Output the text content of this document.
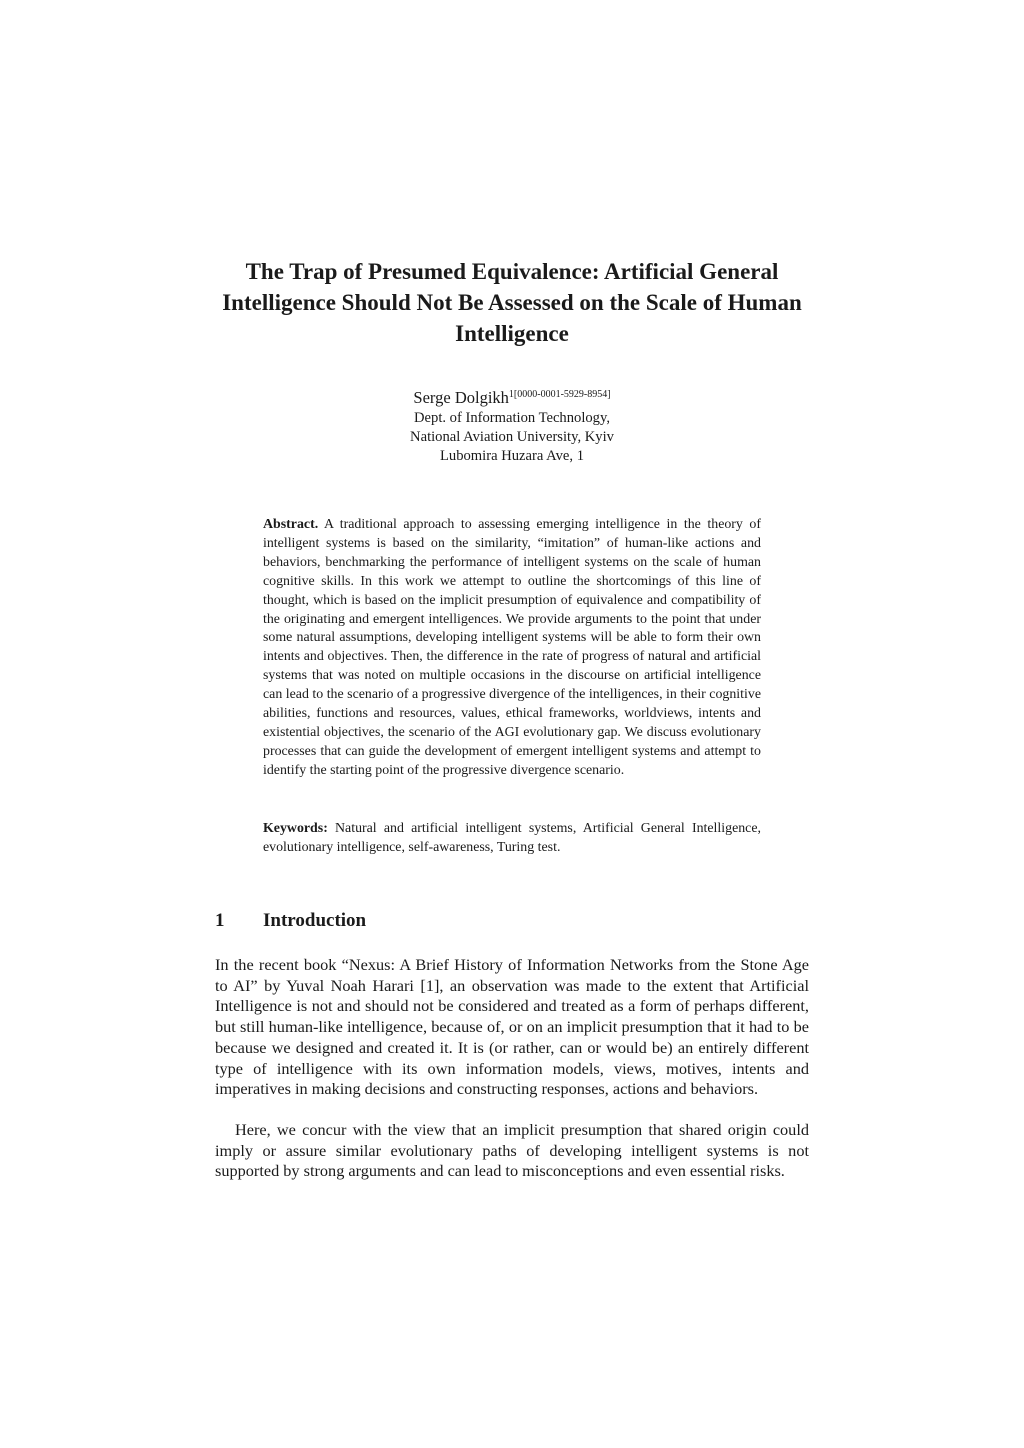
The Trap of Presumed Equivalence: Artificial General Intelligence Should Not Be Assessed on the Scale of Human Intelligence

Serge Dolgikh$^{1[0000-0001-5929-8954]}$

Dept. of Information Technology,

National Aviation University, Kyiv

Lubomira Huzara Ave, 1

Abstract. A traditional approach to assessing emerging intelligence in the theory of intelligent systems is based on the similarity, “imitation” of human-like actions and behaviors, benchmarking the performance of intelligent systems on the scale of human cognitive skills. In this work we attempt to outline the shortcomings of this line of thought, which is based on the implicit presumption of equivalence and compatibility of the originating and emergent intelligences. We provide arguments to the point that under some natural assumptions, developing intelligent systems will be able to form their own intents and objectives. Then, the difference in the rate of progress of natural and artificial systems that was noted on multiple occasions in the discourse on artificial intelligence can lead to the scenario of a progressive divergence of the intelligences, in their cognitive abilities, functions and resources, values, ethical frameworks, worldviews, intents and existential objectives, the scenario of the AGI evolutionary gap. We discuss evolutionary processes that can guide the development of emergent intelligent systems and attempt to identify the starting point of the progressive divergence scenario.

Keywords: Natural and artificial intelligent systems, Artificial General Intelligence, evolutionary intelligence, self-awareness, Turing test.

1 Introduction

In the recent book “Nexus: A Brief History of Information Networks from the Stone Age to AI” by Yuval Noah Harari [1], an observation was made to the extent that Artificial Intelligence is not and should not be considered and treated as a form of perhaps different, but still human-like intelligence, because of, or on an implicit presumption that it had to be because we designed and created it. It is (or rather, can or would be) an entirely different type of intelligence with its own information models, views, motives, intents and imperatives in making decisions and constructing responses, actions and behaviors.

Here, we concur with the view that an implicit presumption that shared origin could imply or assure similar evolutionary paths of developing intelligent systems is not supported by strong arguments and can lead to misconceptions and even essential risks.
